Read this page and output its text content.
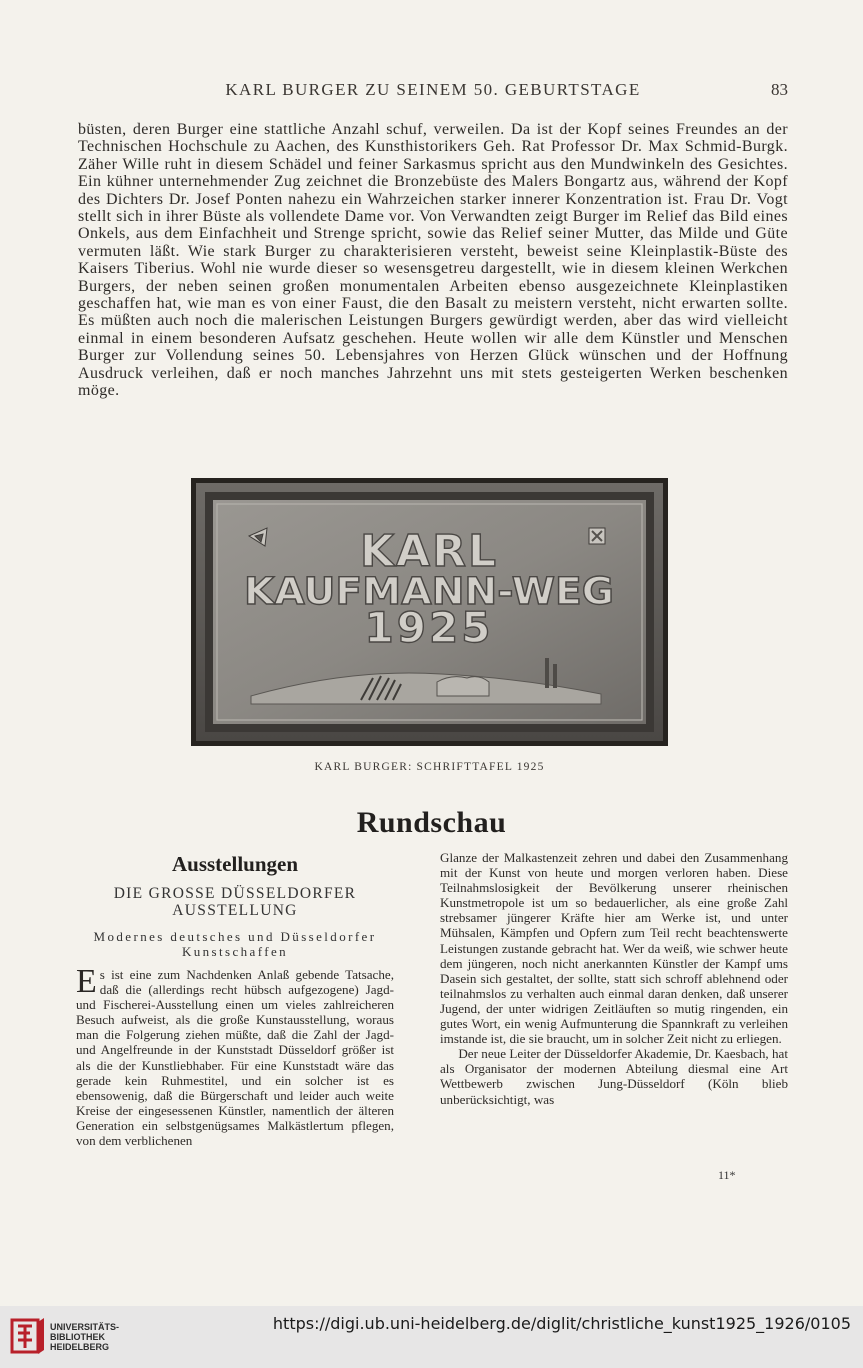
KARL BURGER ZU SEINEM 50. GEBURTSTAGE	83
büsten, deren Burger eine stattliche Anzahl schuf, verweilen. Da ist der Kopf seines Freundes an der Technischen Hochschule zu Aachen, des Kunsthistorikers Geh. Rat Professor Dr. Max Schmid-Burgk. Zäher Wille ruht in diesem Schädel und feiner Sarkasmus spricht aus den Mundwinkeln des Gesichtes. Ein kühner unternehmender Zug zeichnet die Bronzebüste des Malers Bongartz aus, während der Kopf des Dichters Dr. Josef Ponten nahezu ein Wahrzeichen starker innerer Konzentration ist. Frau Dr. Vogt stellt sich in ihrer Büste als vollendete Dame vor. Von Verwandten zeigt Burger im Relief das Bild eines Onkels, aus dem Einfachheit und Strenge spricht, sowie das Relief seiner Mutter, das Milde und Güte vermuten läßt. Wie stark Burger zu charakterisieren versteht, beweist seine Kleinplastik-Büste des Kaisers Tiberius. Wohl nie wurde dieser so wesensgetreu dargestellt, wie in diesem kleinen Werkchen Burgers, der neben seinen großen monumentalen Arbeiten ebenso ausgezeichnete Kleinplastiken geschaffen hat, wie man es von einer Faust, die den Basalt zu meistern versteht, nicht erwarten sollte. Es müßten auch noch die malerischen Leistungen Burgers gewürdigt werden, aber das wird vielleicht einmal in einem besonderen Aufsatz geschehen. Heute wollen wir alle dem Künstler und Menschen Burger zur Vollendung seines 50. Lebensjahres von Herzen Glück wünschen und der Hoffnung Ausdruck verleihen, daß er noch manches Jahrzehnt uns mit stets gesteigerten Werken beschenken möge.
KARL
KAUFMANN-WEG
1925
KARL BURGER: SCHRIFTTAFEL 1925
Rundschau
Ausstellungen
DIE GROSSE DÜSSELDORFER
AUSSTELLUNG
Modernes deutsches und Düsseldorfer Kunstschaffen

Es ist eine zum Nachdenken Anlaß gebende Tatsache, daß die (allerdings recht hübsch aufgezogene) Jagd- und Fischerei-Ausstellung einen um vieles zahlreicheren Besuch aufweist, als die große Kunstausstellung, woraus man die Folgerung ziehen müßte, daß die Zahl der Jagd- und Angelfreunde in der Kunststadt Düsseldorf größer ist als die der Kunstliebhaber. Für eine Kunststadt wäre das gerade kein Ruhmestitel, und ein solcher ist es ebensowenig, daß die Bürgerschaft und leider auch weite Kreise der eingesessenen Künstler, namentlich der älteren Generation ein selbstgenügsames Malkästlertum pflegen, von dem verblichenen

Glanze der Malkastenzeit zehren und dabei den Zusammenhang mit der Kunst von heute und morgen verloren haben. Diese Teilnahmslosigkeit der Bevölkerung unserer rheinischen Kunstmetropole ist um so bedauerlicher, als eine große Zahl strebsamer jüngerer Kräfte hier am Werke ist, und unter Mühsalen, Kämpfen und Opfern zum Teil recht beachtenswerte Leistungen zustande gebracht hat. Wer da weiß, wie schwer heute dem jüngeren, noch nicht anerkannten Künstler der Kampf ums Dasein sich gestaltet, der sollte, statt sich schroff ablehnend oder teilnahmslos zu verhalten auch einmal daran denken, daß unserer Jugend, der unter widrigen Zeitläuften so mutig ringenden, ein gutes Wort, ein wenig Aufmunterung die Spannkraft zu verleihen imstande ist, die sie braucht, um in solcher Zeit nicht zu erliegen.

Der neue Leiter der Düsseldorfer Akademie, Dr. Kaesbach, hat als Organisator der modernen Abteilung diesmal eine Art Wettbewerb zwischen Jung-Düsseldorf (Köln blieb unberücksichtigt, was

11*
UNIVERSITÄTS-
BIBLIOTHEK
HEIDELBERG
https://digi.ub.uni-heidelberg.de/diglit/christliche_kunst1925_1926/0105
